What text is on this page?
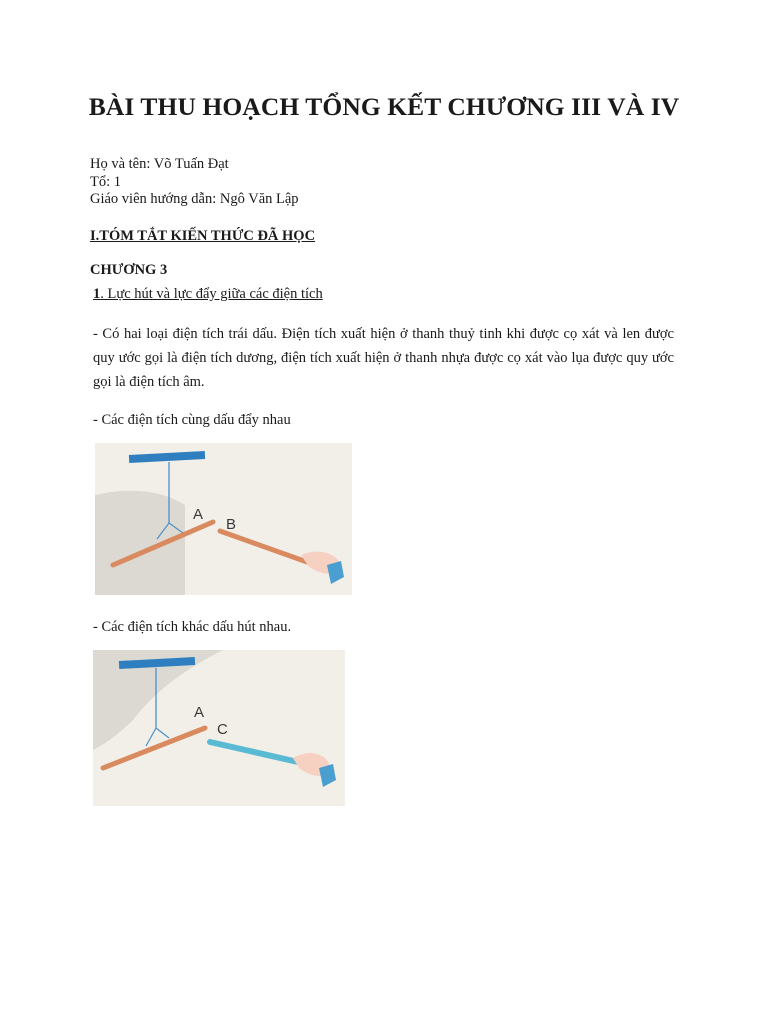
BÀI THU HOẠCH TỔNG KẾT CHƯƠNG III VÀ IV
Họ và tên: Võ Tuấn Đạt
Tổ: 1
Giáo viên hướng dẫn: Ngô Văn Lập
I.TÓM TẮT KIẾN THỨC ĐÃ HỌC
CHƯƠNG 3
1. Lực hút và lực đẩy giữa các điện tích
- Có hai loại điện tích trái dấu. Điện tích xuất hiện ở thanh thuỷ tinh khi được cọ xát và len được quy ước gọi là điện tích dương, điện tích xuất hiện ở thanh nhựa được cọ xát vào lụa được quy ước gọi là điện tích âm.
- Các điện tích cùng dấu đẩy nhau
A
B
- Các điện tích khác dấu hút nhau.
A
C
